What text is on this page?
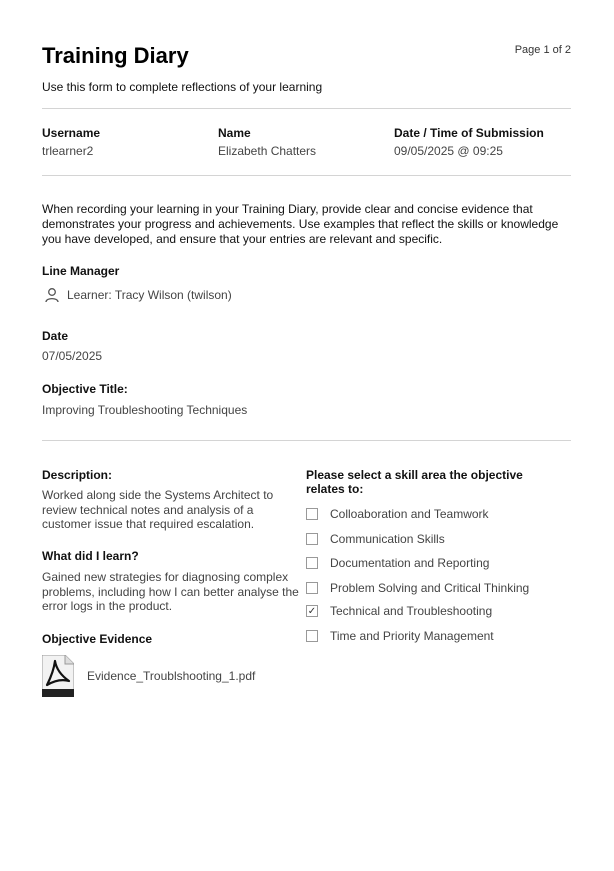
Training Diary	Page 1 of 2
Use this form to complete reflections of your learning
Username
trlearner2
Name
Elizabeth Chatters
Date / Time of Submission
09/05/2025 @ 09:25
When recording your learning in your Training Diary, provide clear and concise evidence that demonstrates your progress and achievements. Use examples that reflect the skills or knowledge you have developed, and ensure that your entries are relevant and specific.
Line Manager
Learner: Tracy Wilson (twilson)
Date
07/05/2025
Objective Title:
Improving Troubleshooting Techniques
Description:
Worked along side the Systems Architect to review technical notes and analysis of a customer issue that required escalation.
What did I learn?
Gained new strategies for diagnosing complex problems, including how I can better analyse the error logs in the product.
Objective Evidence
Evidence_Troublshooting_1.pdf
Please select a skill area the objective relates to:
Colloaboration and Teamwork
Communication Skills
Documentation and Reporting
Problem Solving and Critical Thinking
✓ Technical and Troubleshooting
Time and Priority Management
